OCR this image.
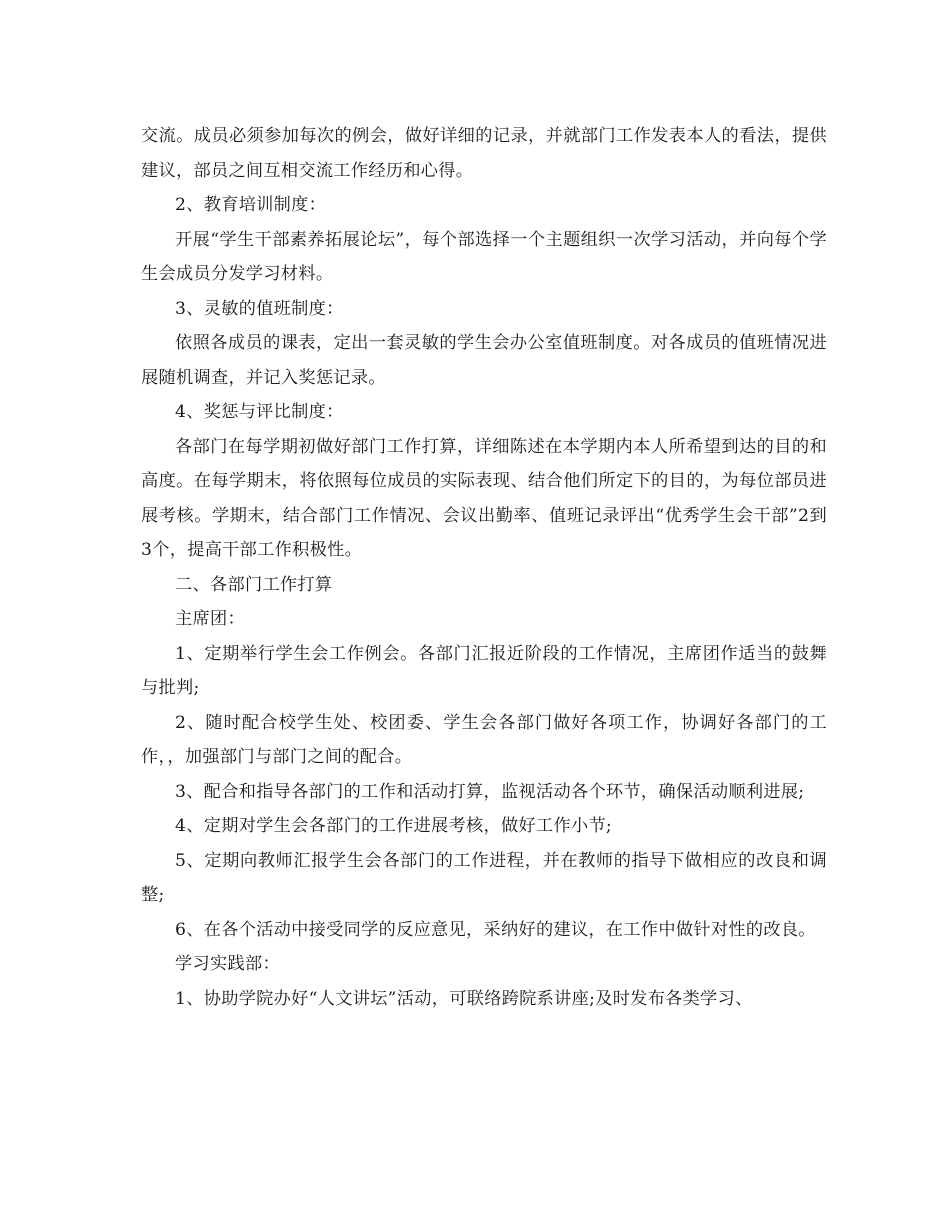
交流。成员必须参加每次的例会，做好详细的记录，并就部门工作发表本人的看法，提供建议，部员之间互相交流工作经历和心得。

2、教育培训制度：

开展“学生干部素养拓展论坛”，每个部选择一个主题组织一次学习活动，并向每个学生会成员分发学习材料。

3、灵敏的值班制度：

依照各成员的课表，定出一套灵敏的学生会办公室值班制度。对各成员的值班情况进展随机调查，并记入奖惩记录。

4、奖惩与评比制度：

各部门在每学期初做好部门工作打算，详细陈述在本学期内本人所希望到达的目的和高度。在每学期末，将依照每位成员的实际表现、结合他们所定下的目的，为每位部员进展考核。学期末，结合部门工作情况、会议出勤率、值班记录评出“优秀学生会干部”2到3个，提高干部工作积极性。

二、各部门工作打算

主席团：

1、定期举行学生会工作例会。各部门汇报近阶段的工作情况，主席团作适当的鼓舞与批判;

2、随时配合校学生处、校团委、学生会各部门做好各项工作，协调好各部门的工作，，加强部门与部门之间的配合。

3、配合和指导各部门的工作和活动打算，监视活动各个环节，确保活动顺利进展;

4、定期对学生会各部门的工作进展考核，做好工作小节;

5、定期向教师汇报学生会各部门的工作进程，并在教师的指导下做相应的改良和调整;

6、在各个活动中接受同学的反应意见，采纳好的建议，在工作中做针对性的改良。

学习实践部：

1、协助学院办好“人文讲坛”活动，可联络跨院系讲座;及时发布各类学习、
